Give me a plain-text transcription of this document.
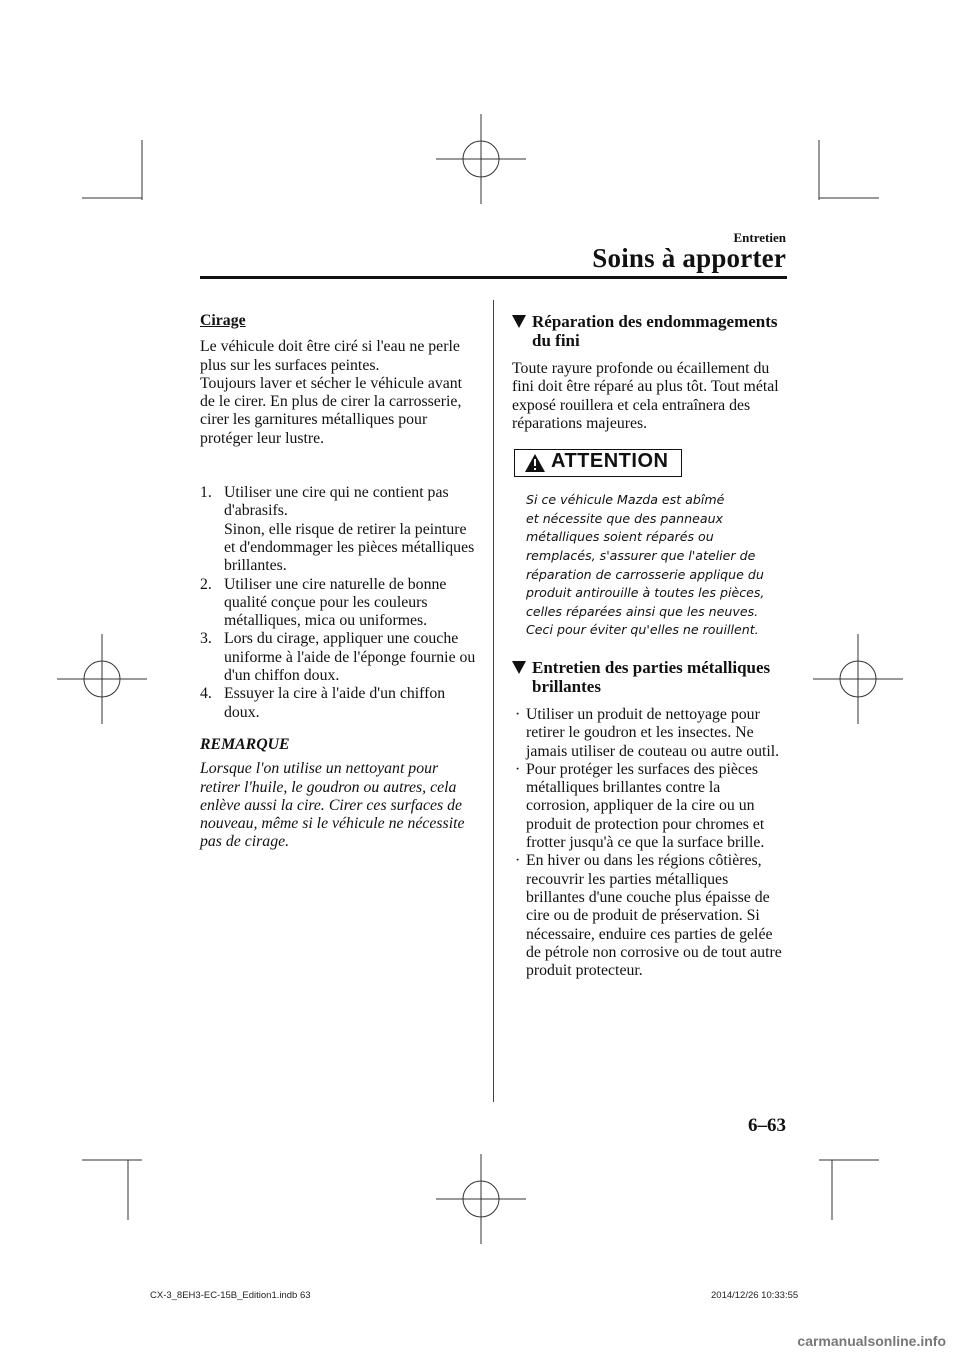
Entretien
Soins à apporter
Cirage
Le véhicule doit être ciré si l'eau ne perle
plus sur les surfaces peintes.
Toujours laver et sécher le véhicule avant
de le cirer. En plus de cirer la carrosserie,
cirer les garnitures métalliques pour
protéger leur lustre.
1. Utiliser une cire qui ne contient pas
d'abrasifs.
Sinon, elle risque de retirer la peinture
et d'endommager les pièces métalliques
brillantes.
2. Utiliser une cire naturelle de bonne
qualité conçue pour les couleurs
métalliques, mica ou uniformes.
3. Lors du cirage, appliquer une couche
uniforme à l'aide de l'éponge fournie ou
d'un chiffon doux.
4. Essuyer la cire à l'aide d'un chiffon
doux.
REMARQUE
Lorsque l'on utilise un nettoyant pour
retirer l'huile, le goudron ou autres, cela
enlève aussi la cire. Cirer ces surfaces de
nouveau, même si le véhicule ne nécessite
pas de cirage.
Réparation des endommagements
du fini
Toute rayure profonde ou écaillement du
fini doit être réparé au plus tôt. Tout métal
exposé rouillera et cela entraînera des
réparations majeures.
ATTENTION
Si ce véhicule Mazda est abîmé
et nécessite que des panneaux
métalliques soient réparés ou
remplacés, s'assurer que l'atelier de
réparation de carrosserie applique du
produit antirouille à toutes les pièces,
celles réparées ainsi que les neuves.
Ceci pour éviter qu'elles ne rouillent.
Entretien des parties métalliques
brillantes
· Utiliser un produit de nettoyage pour
retirer le goudron et les insectes. Ne
jamais utiliser de couteau ou autre outil.
· Pour protéger les surfaces des pièces
métalliques brillantes contre la
corrosion, appliquer de la cire ou un
produit de protection pour chromes et
frotter jusqu'à ce que la surface brille.
· En hiver ou dans les régions côtières,
recouvrir les parties métalliques
brillantes d'une couche plus épaisse de
cire ou de produit de préservation. Si
nécessaire, enduire ces parties de gelée
de pétrole non corrosive ou de tout autre
produit protecteur.
6–63
CX-3_8EH3-EC-15B_Edition1.indb 63	2014/12/26 10:33:55
carmanualsonline.info
